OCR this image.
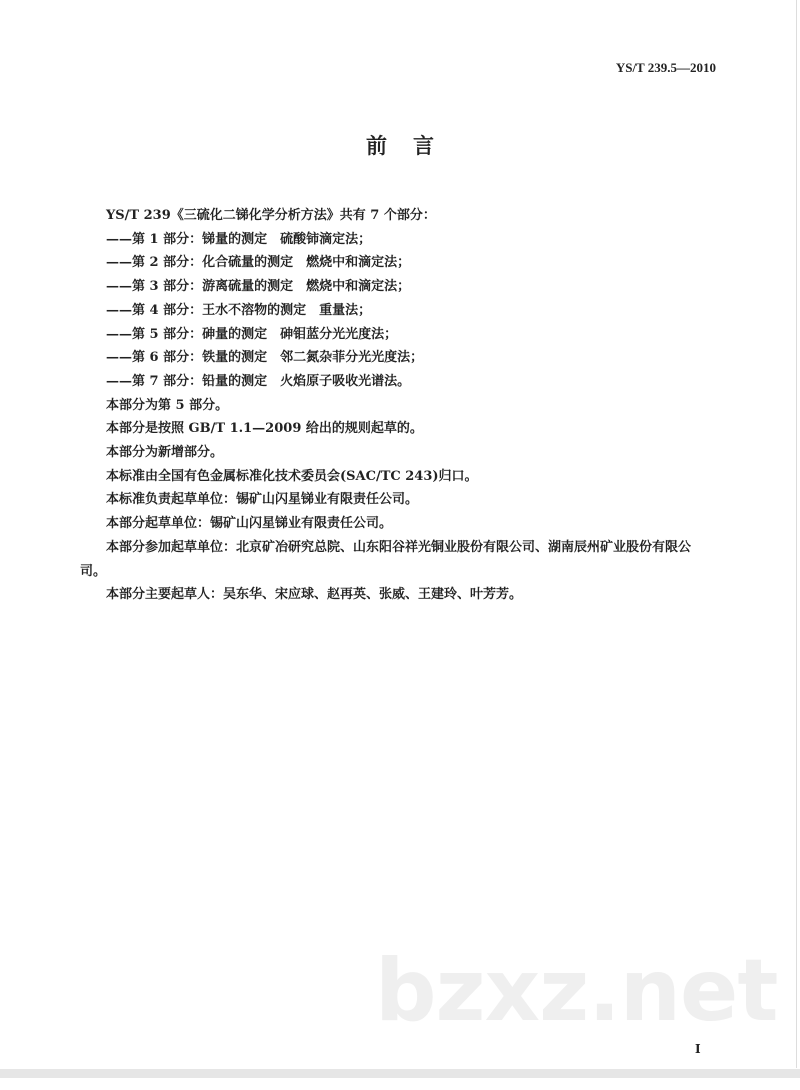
YS/T 239.5—2010
前言

YS/T 239《三硫化二锑化学分析方法》共有 7 个部分：

——第 1 部分：锑量的测定　硫酸铈滴定法；

——第 2 部分：化合硫量的测定　燃烧中和滴定法；

——第 3 部分：游离硫量的测定　燃烧中和滴定法；

——第 4 部分：王水不溶物的测定　重量法；

——第 5 部分：砷量的测定　砷钼蓝分光光度法；

——第 6 部分：铁量的测定　邻二氮杂菲分光光度法；

——第 7 部分：铅量的测定　火焰原子吸收光谱法。

本部分为第 5 部分。

本部分是按照 GB/T 1.1—2009 给出的规则起草的。

本部分为新增部分。

本标准由全国有色金属标准化技术委员会(SAC/TC 243)归口。

本标准负责起草单位：锡矿山闪星锑业有限责任公司。

本部分起草单位：锡矿山闪星锑业有限责任公司。

本部分参加起草单位：北京矿冶研究总院、山东阳谷祥光铜业股份有限公司、湖南辰州矿业股份有限公司。

本部分主要起草人：吴东华、宋应球、赵再英、张威、王建玲、叶芳芳。

bzxz.net
I
